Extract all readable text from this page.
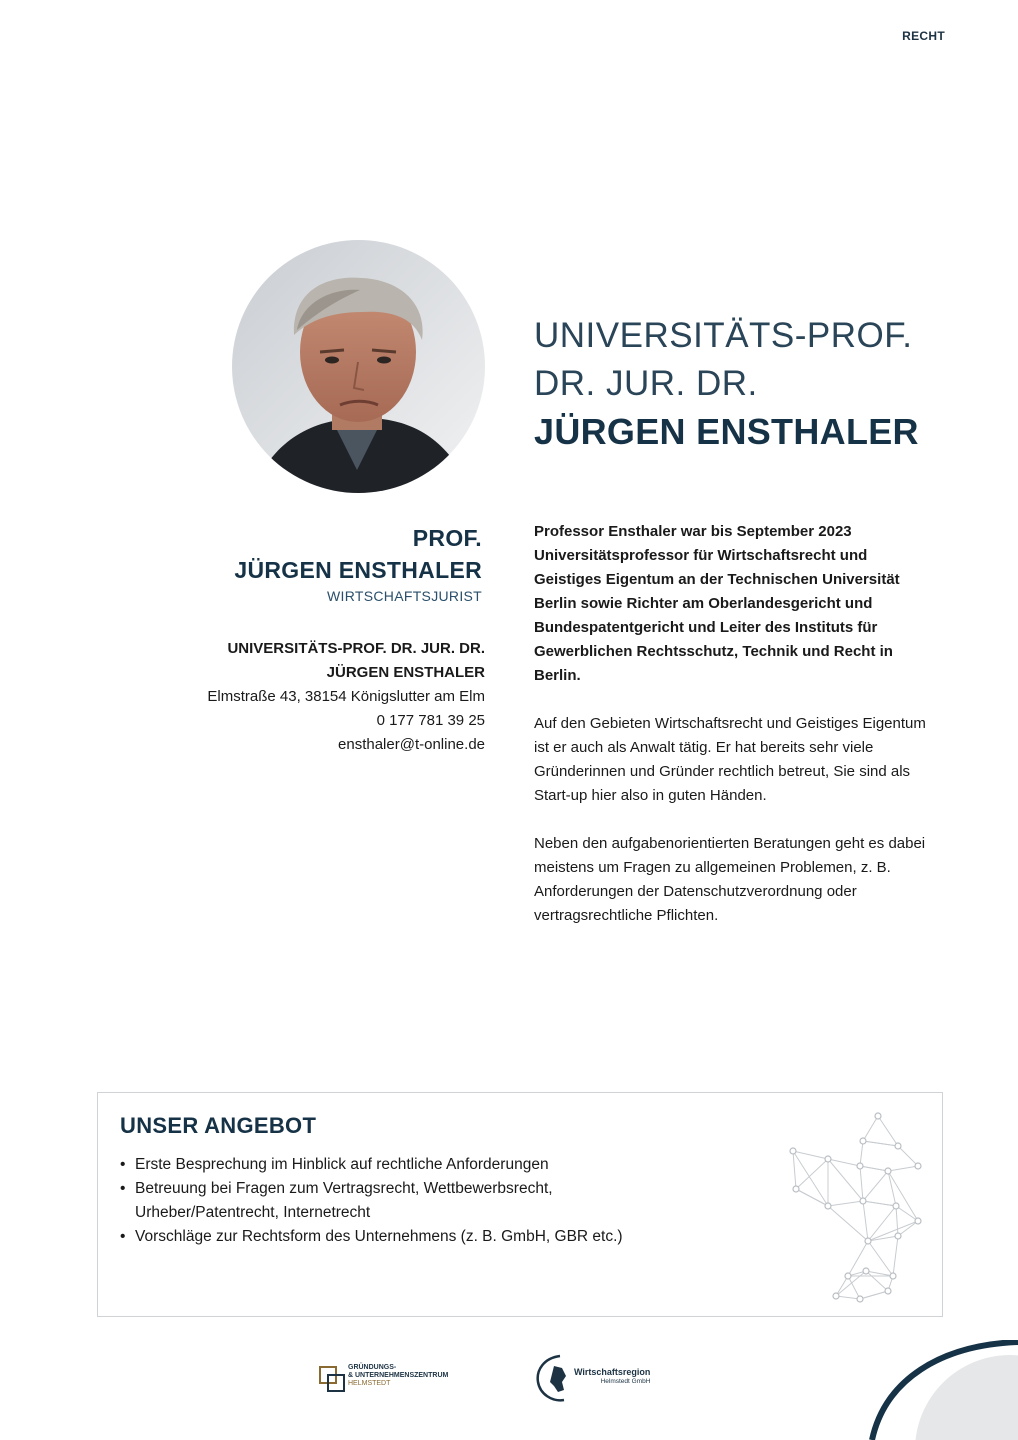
RECHT
UNIVERSITÄTS-PROF.
DR. JUR. DR.
JÜRGEN ENSTHALER
PROF.
JÜRGEN ENSTHALER
WIRTSCHAFTSJURIST
UNIVERSITÄTS-PROF. DR. JUR. DR.
JÜRGEN ENSTHALER
Elmstraße 43, 38154 Königslutter am Elm
0 177 781 39 25
ensthaler@t-online.de

Professor Ensthaler war bis September 2023 Universitätsprofessor für Wirtschaftsrecht und Geistiges Eigentum an der Technischen Universität Berlin sowie Richter am Oberlandesgericht und Bundespatentgericht und Leiter des Instituts für Gewerblichen Rechtsschutz, Technik und Recht in Berlin.

Auf den Gebieten Wirtschaftsrecht und Geistiges Eigentum ist er auch als Anwalt tätig. Er hat bereits sehr viele Gründerinnen und Gründer rechtlich betreut, Sie sind als Start-up hier also in guten Händen.

Neben den aufgabenorientierten Beratungen geht es dabei meistens um Fragen zu allgemeinen Problemen, z. B. Anforderungen der Datenschutzverordnung oder vertragsrechtliche Pflichten.

UNSER ANGEBOT
• Erste Besprechung im Hinblick auf rechtliche Anforderungen
• Betreuung bei Fragen zum Vertragsrecht, Wettbewerbsrecht, Urheber/Patentrecht, Internetrecht
• Vorschläge zur Rechtsform des Unternehmens (z. B. GmbH, GBR etc.)
GRÜNDUNGS-
& UNTERNEHMENSZENTRUM
HELMSTEDT
Wirtschaftsregion
Helmstedt GmbH
